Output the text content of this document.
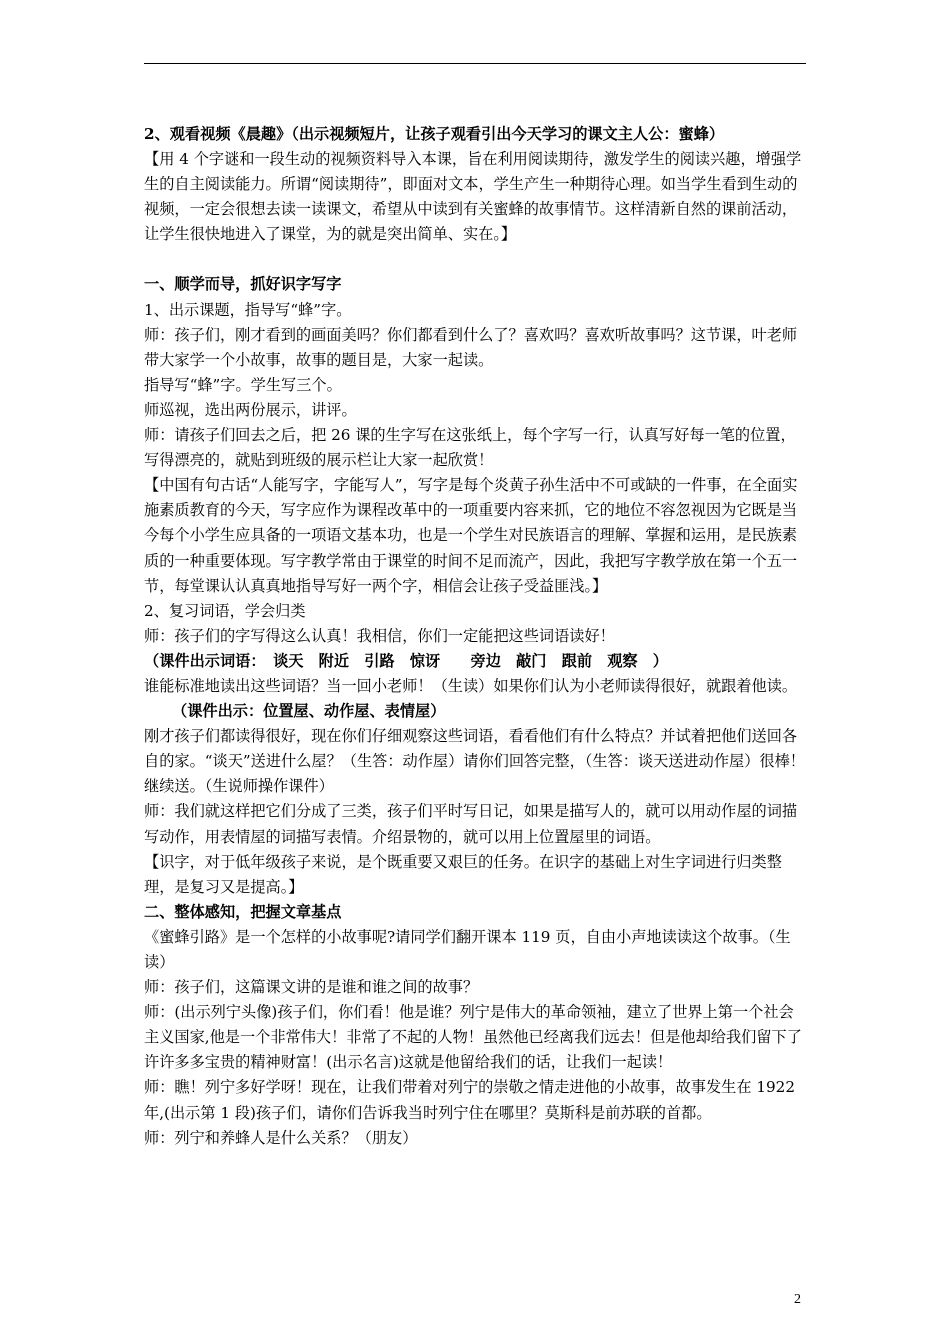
2、观看视频《晨趣》（出示视频短片，让孩子观看引出今天学习的课文主人公：蜜蜂）

【用 4 个字谜和一段生动的视频资料导入本课，旨在利用阅读期待，激发学生的阅读兴趣，增强学生的自主阅读能力。所谓“阅读期待”，即面对文本，学生产生一种期待心理。如当学生看到生动的视频，一定会很想去读一读课文，希望从中读到有关蜜蜂的故事情节。这样清新自然的课前活动，让学生很快地进入了课堂，为的就是突出简单、实在。】

一、顺学而导，抓好识字写字

1、出示课题，指导写“蜂”字。

师：孩子们，刚才看到的画面美吗？你们都看到什么了？喜欢吗？喜欢听故事吗？这节课，叶老师带大家学一个小故事，故事的题目是，大家一起读。

指导写“蜂”字。学生写三个。

师巡视，选出两份展示，讲评。

师：请孩子们回去之后，把 26 课的生字写在这张纸上，每个字写一行，认真写好每一笔的位置，写得漂亮的，就贴到班级的展示栏让大家一起欣赏！

【中国有句古话“人能写字，字能写人”，写字是每个炎黄子孙生活中不可或缺的一件事，在全面实施素质教育的今天，写字应作为课程改革中的一项重要内容来抓，它的地位不容忽视因为它既是当今每个小学生应具备的一项语文基本功，也是一个学生对民族语言的理解、掌握和运用，是民族素质的一种重要体现。写字教学常由于课堂的时间不足而流产，因此，我把写字教学放在第一个五一节，每堂课认认真真地指导写好一两个字，相信会让孩子受益匪浅。】

2、复习词语，学会归类

师：孩子们的字写得这么认真！我相信，你们一定能把这些词语读好！

（课件出示词语：　谈天　附近　引路　惊讶　　旁边　敲门　跟前　观察　）

谁能标准地读出这些词语？当一回小老师！（生读）如果你们认为小老师读得很好，就跟着他读。

（课件出示：位置屋、动作屋、表情屋）

刚才孩子们都读得很好，现在你们仔细观察这些词语，看看他们有什么特点？并试着把他们送回各自的家。“谈天”送进什么屋？（生答：动作屋）请你们回答完整，（生答：谈天送进动作屋）很棒！继续送。（生说师操作课件）

师：我们就这样把它们分成了三类，孩子们平时写日记，如果是描写人的，就可以用动作屋的词描写动作，用表情屋的词描写表情。介绍景物的，就可以用上位置屋里的词语。

【识字，对于低年级孩子来说，是个既重要又艰巨的任务。在识字的基础上对生字词进行归类整理，是复习又是提高。】

二、整体感知，把握文章基点

《蜜蜂引路》是一个怎样的小故事呢?请同学们翻开课本 119 页，自由小声地读读这个故事。（生读）

师：孩子们，这篇课文讲的是谁和谁之间的故事？

师：(出示列宁头像)孩子们，你们看！他是谁？列宁是伟大的革命领袖，建立了世界上第一个社会主义国家,他是一个非常伟大！非常了不起的人物！虽然他已经离我们远去！但是他却给我们留下了许许多多宝贵的精神财富！(出示名言)这就是他留给我们的话，让我们一起读！

师：瞧！列宁多好学呀！现在，让我们带着对列宁的崇敬之情走进他的小故事，故事发生在 1922 年,(出示第 1 段)孩子们，请你们告诉我当时列宁住在哪里？莫斯科是前苏联的首都。

师：列宁和养蜂人是什么关系？（朋友）

2
